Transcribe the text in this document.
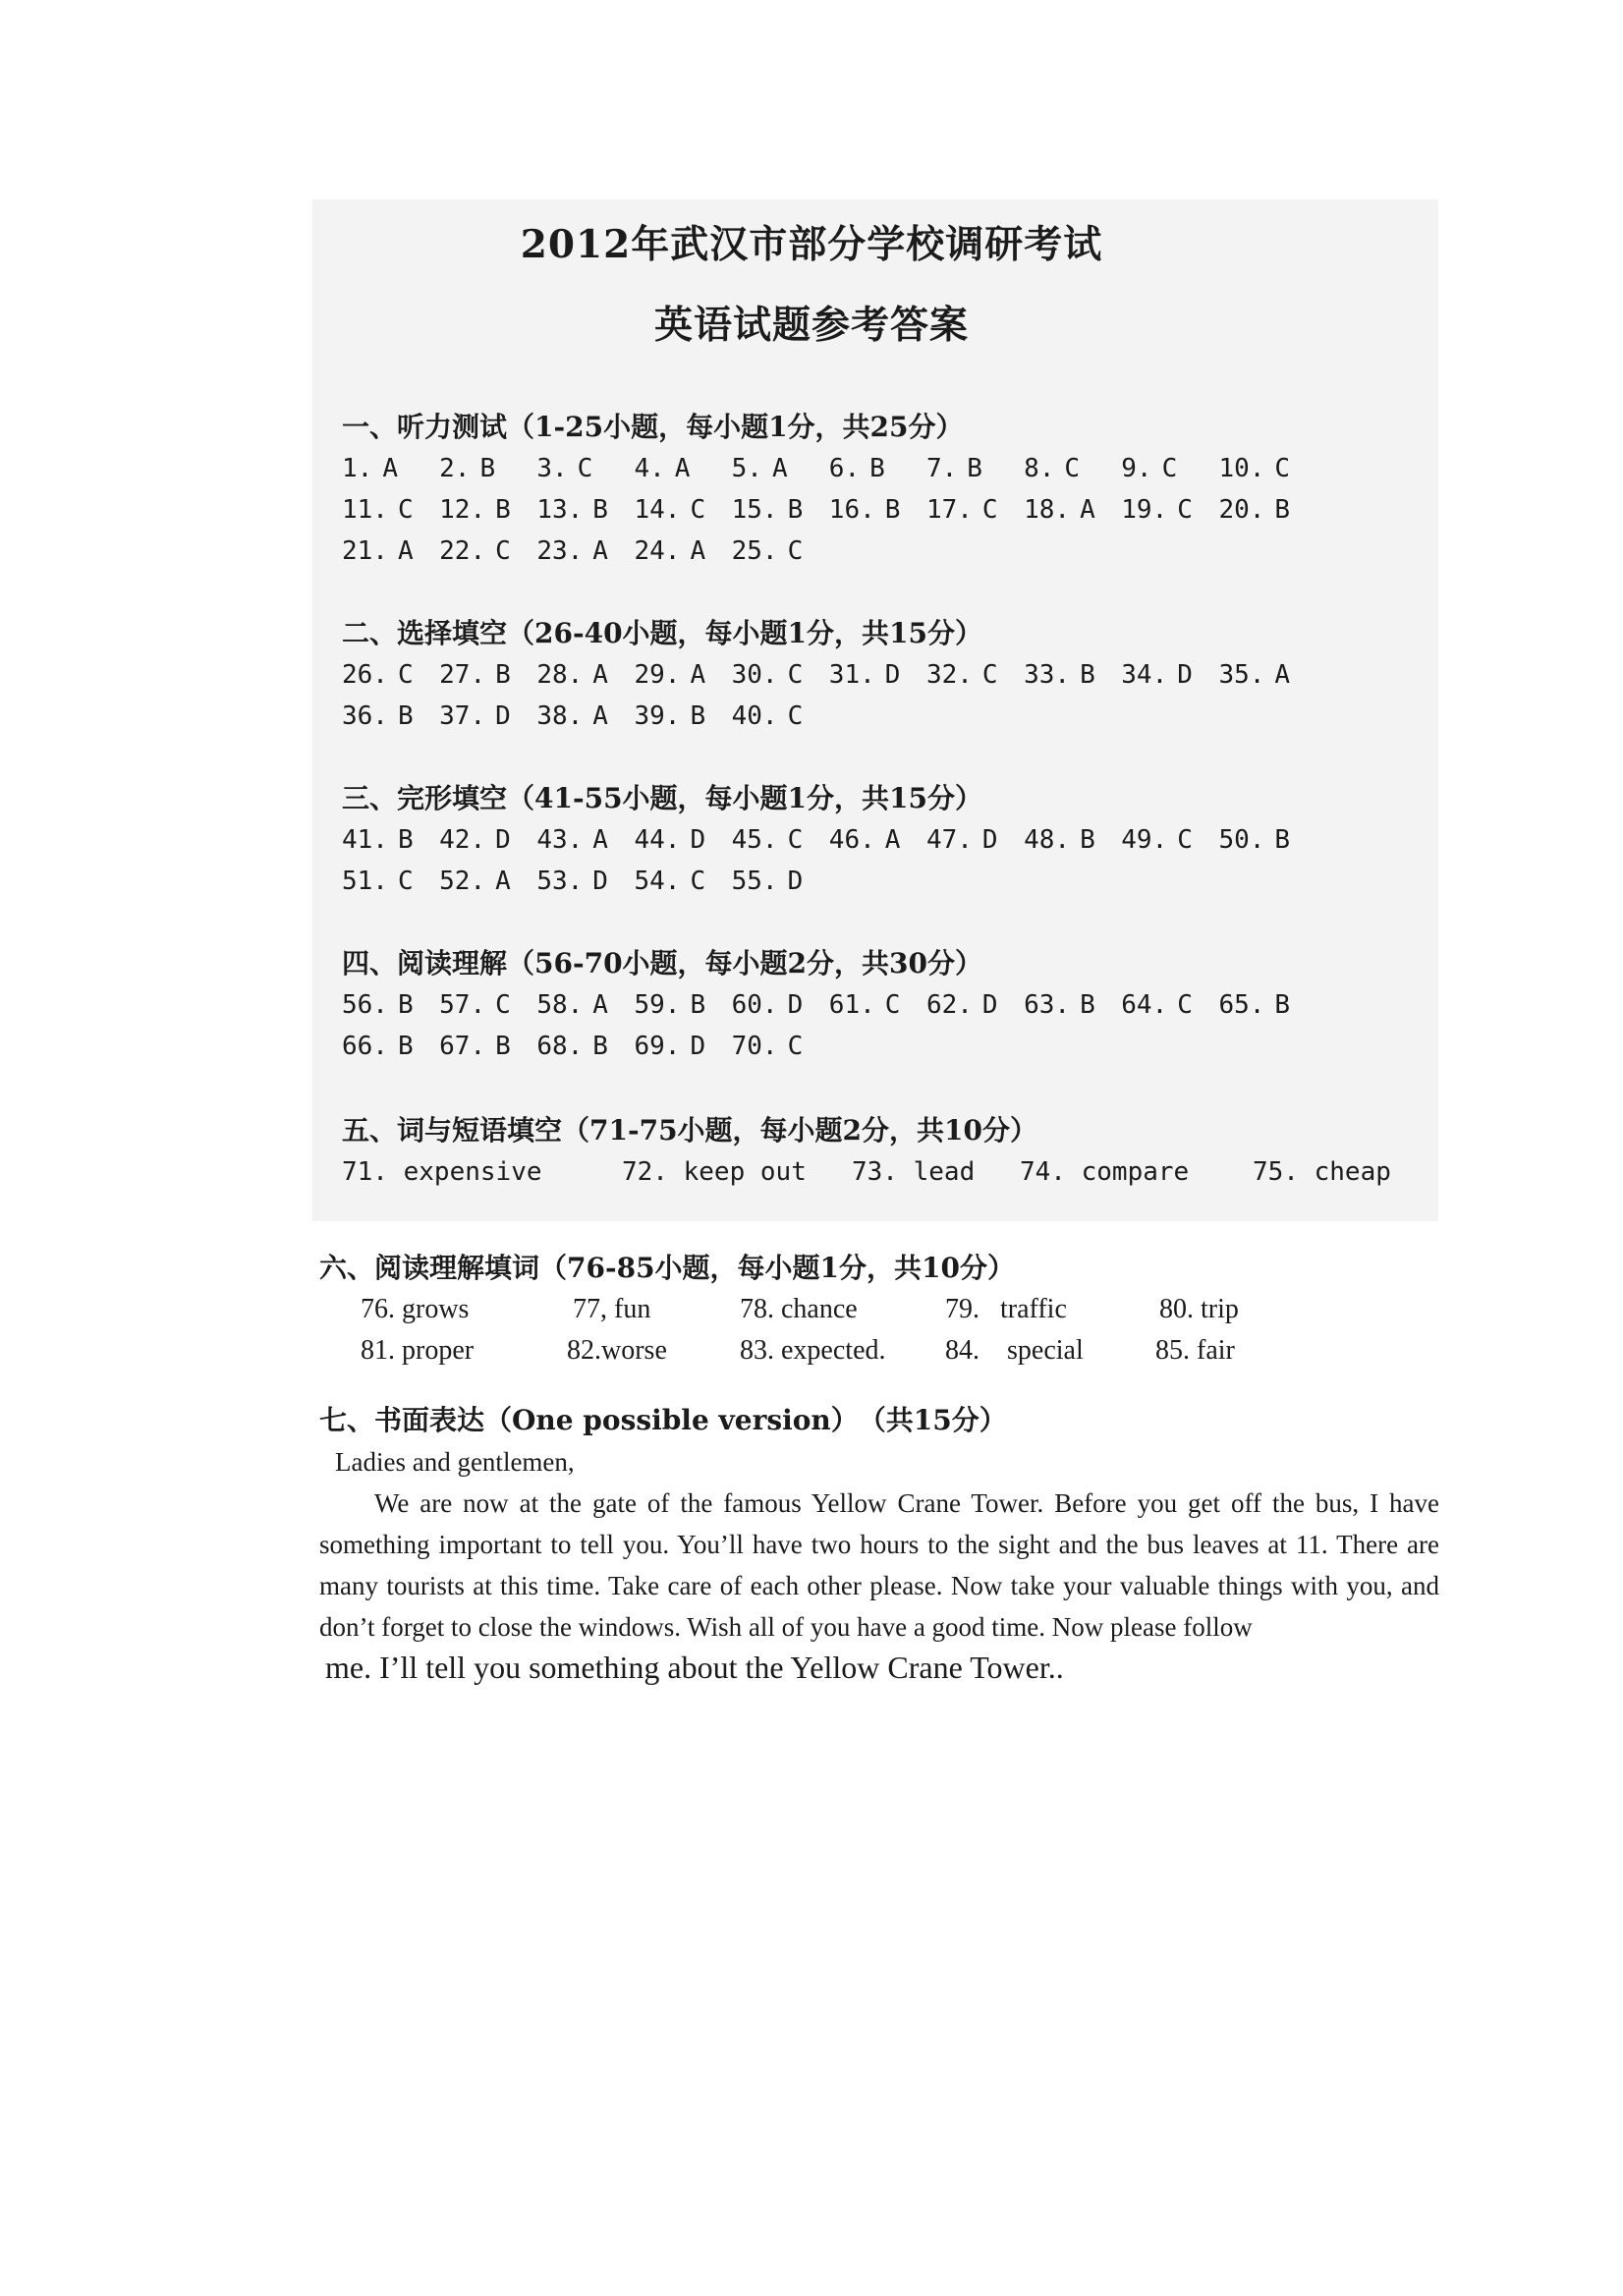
2012年武汉市部分学校调研考试
英语试题参考答案
一、听力测试（1-25小题，每小题1分，共25分）
1. A 2. B 3. C 4. A 5. A 6. B 7. B 8. C 9. C 10. C
11. C 12. B 13. B 14. C 15. B 16. B 17. C 18. A 19. C 20. B
21. A 22. C 23. A 24. A 25. C
二、选择填空（26-40小题，每小题1分，共15分）
26. C 27. B 28. A 29. A 30. C 31. D 32. C 33. B 34. D 35. A
36. B 37. D 38. A 39. B 40. C
三、完形填空（41-55小题，每小题1分，共15分）
41. B 42. D 43. A 44. D 45. C 46. A 47. D 48. B 49. C 50. B
51. C 52. A 53. D 54. C 55. D
四、阅读理解（56-70小题，每小题2分，共30分）
56. B 57. C 58. A 59. B 60. D 61. C 62. D 63. B 64. C 65. B
66. B 67. B 68. B 69. D 70. C
五、词与短语填空（71-75小题，每小题2分，共10分）
71. expensive	72. keep out 73. lead 74. compare 75. cheap
六、阅读理解填词（76-85小题，每小题1分，共10分）
76. grows	77, fun	78. chance	79. traffic	80. trip
81. proper	82.worse	83. expected. 84. special	85. fair
七、书面表达（One possible version）　（共15分）
Ladies and gentlemen,
We are now at the gate of the famous Yellow Crane Tower. Before you get off the bus, I have something important to tell you. You’ll have two hours to the sight and the bus leaves at 11. There are many tourists at this time. Take care of each other please. Now take your valuable things with you, and don’t forget to close the windows. Wish all of you have a good time. Now please follow
me. I’ll tell you something about the Yellow Crane Tower..
